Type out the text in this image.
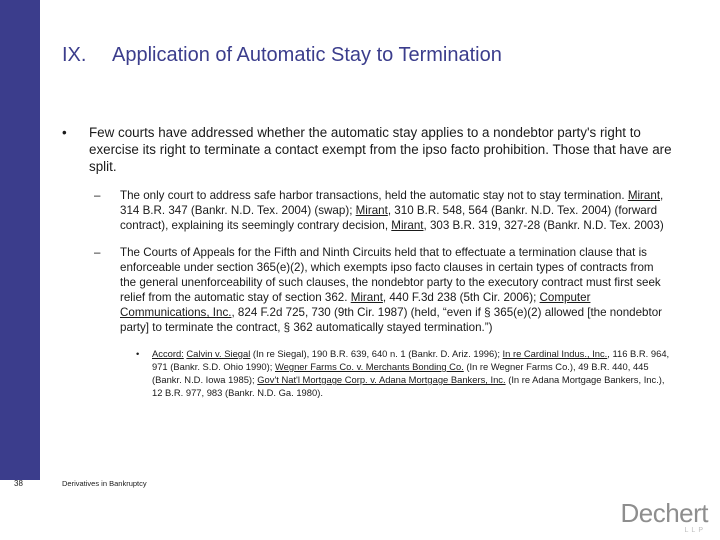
IX. Application of Automatic Stay to Termination
• Few courts have addressed whether the automatic stay applies to a nondebtor party's right to exercise its right to terminate a contact exempt from the ipso facto prohibition. Those that have are split.
– The only court to address safe harbor transactions, held the automatic stay not to stay termination. Mirant, 314 B.R. 347 (Bankr. N.D. Tex. 2004) (swap); Mirant, 310 B.R. 548, 564 (Bankr. N.D. Tex. 2004) (forward contract), explaining its seemingly contrary decision, Mirant, 303 B.R. 319, 327-28 (Bankr. N.D. Tex. 2003)
– The Courts of Appeals for the Fifth and Ninth Circuits held that to effectuate a termination clause that is enforceable under section 365(e)(2), which exempts ipso facto clauses in certain types of contracts from the general unenforceability of such clauses, the nondebtor party to the executory contract must first seek relief from the automatic stay of section 362. Mirant, 440 F.3d 238 (5th Cir. 2006); Computer Communications, Inc., 824 F.2d 725, 730 (9th Cir. 1987) (held, “even if § 365(e)(2) allowed [the nondebtor party] to terminate the contract, § 362 automatically stayed termination.”)
• Accord: Calvin v. Siegal (In re Siegal), 190 B.R. 639, 640 n. 1 (Bankr. D. Ariz. 1996); In re Cardinal Indus., Inc., 116 B.R. 964, 971 (Bankr. S.D. Ohio 1990); Wegner Farms Co. v. Merchants Bonding Co. (In re Wegner Farms Co.), 49 B.R. 440, 445 (Bankr. N.D. Iowa 1985); Gov't Nat'l Mortgage Corp. v. Adana Mortgage Bankers, Inc. (In re Adana Mortgage Bankers, Inc.), 12 B.R. 977, 983 (Bankr. N.D. Ga. 1980).
38	Derivatives in Bankruptcy
Dechert
LLP
